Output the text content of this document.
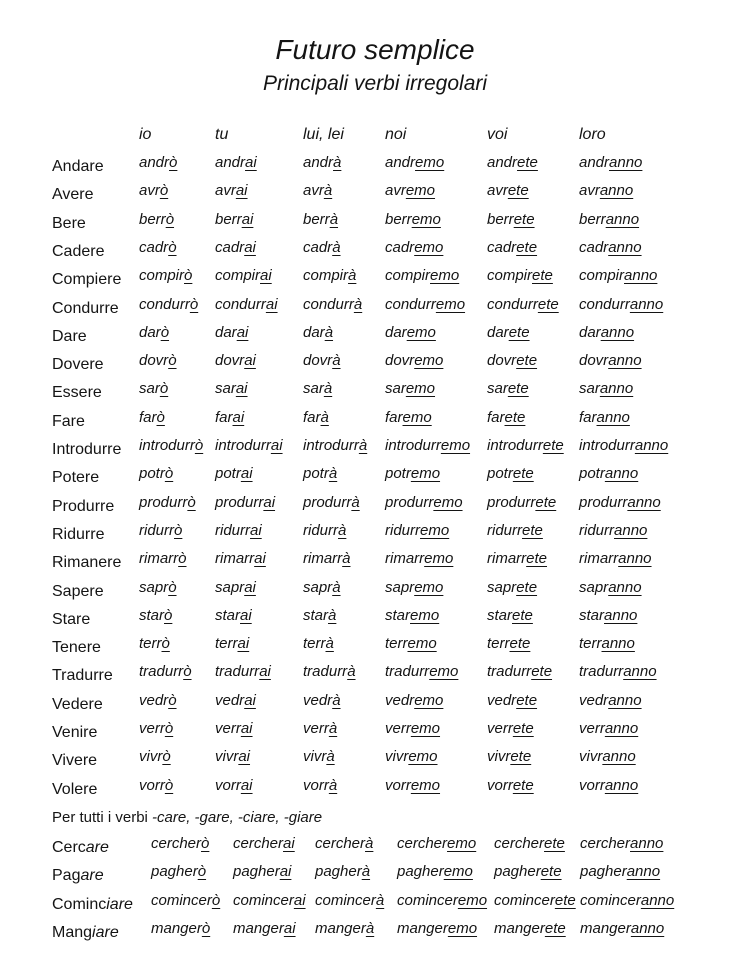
Futuro semplice
Principali verbi irregolari
io	tu	lui, lei	noi	voi	loro
Andare andrò	andrai	andrà	andremo	andrete	andranno
Avere	avrò	avrai	avrà	avremo	avrete	avranno
Bere	berrò	berrai	berrà	berremo	berrete	berranno
Cadere cadrò	cadrai	cadrà	cadremo	cadrete	cadranno
Compiere compirò compirai compirà compiremo compirete compiranno
Condurre condurrò condurrai condurrà condurremo condurrete condurranno
Dare	darò	darai	darà	daremo	darete	daranno
Dovere dovrò	dovrai	dovrà	dovremo	dovrete	dovranno
Essere sarò	sarai	sarà	saremo	sarete	saranno
Fare	farò	farai	farà	faremo	farete	faranno
Introdurre introdurrò introdurrai introdurrà introdurremo introdurrete introdurranno
Potere	potrò	potrai	potrà	potremo	potrete	potranno
Produrre produrrò produrrai produrrà produrremo produrrete produrranno
Ridurre ridurrò ridurrai	ridurrà	ridurremo	ridurrete ridurranno
Rimanere rimarrò rimarrai rimarrà rimarremo rimarrete rimarranno
Sapere saprò	saprai	saprà	sapremo	saprete	sapranno
Stare	starò	starai	starà	staremo	starete	staranno
Tenere	terrò	terrai	terrà	terremo	terrete	terranno
Tradurre tradurrò tradurrai tradurrà tradurremo tradurrete tradurranno
Vedere vedrò	vedrai	vedrà	vedremo	vedrete	vedranno
Venire	verrò	verrai	verrà	verremo	verrete	verranno
Vivere	vivrò	vivrai	vivrà	vivremo	vivrete	vivranno
Volere	vorrò	vorrai	vorrà	vorremo	vorrete	vorranno
Per tutti i verbi -care, -gare, -ciare, -giare
Cercare	cercherò cercherai cercherà cercheremo cercherete cercheranno
Pagare	pagherò pagherai pagherà pagheremo pagherete pagheranno
Cominciare comincerò comincerai comincerà cominceremo comincerete cominceranno
Mangiare mangerò mangerai mangerà mangeremo mangerete mangeranno
